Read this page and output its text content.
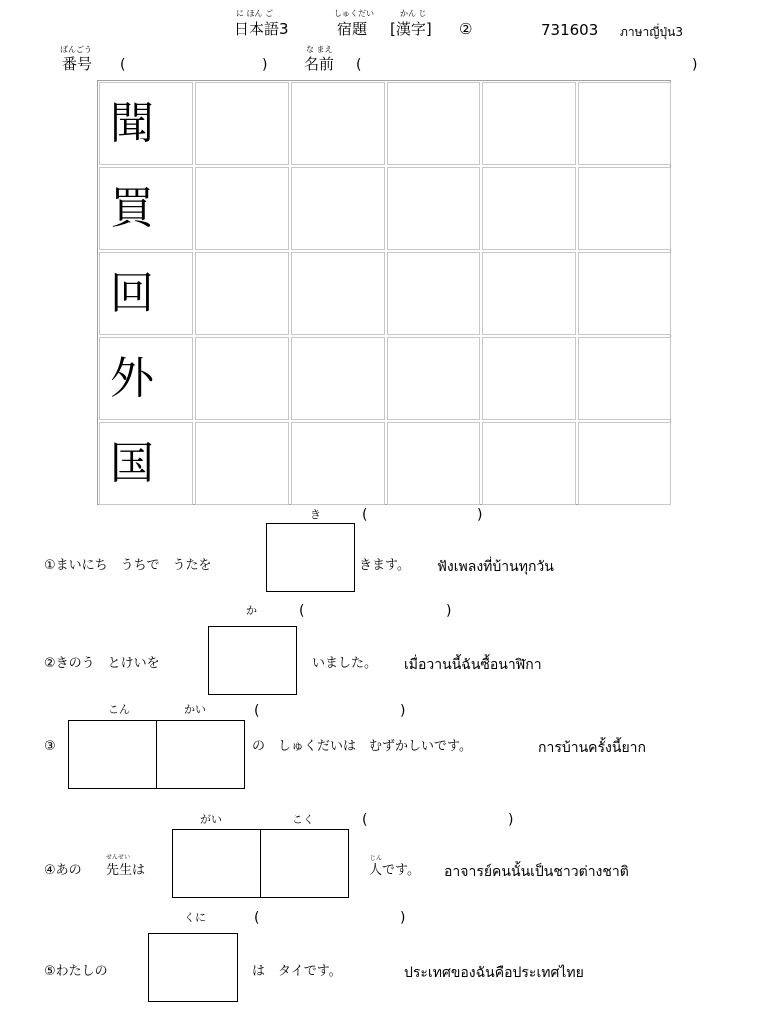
に ほん ご
日本語3
しゅくだい
宿題
かん じ
[漢字] ②	731603 ภาษาญี่ปุ่น3
ばんごう
番号 (	)
な まえ
名前 (	)
聞
買
回
外
国
き	(	)
①まいにち　うちで　うたを	きます。 ฟังเพลงที่บ้านทุกวัน
か	(	)
②きのう　とけいを	いました。 เมื่อวานนี้ฉันซื้อนาฬิกา
こん	かい	(	)
③	の　しゅくだいは　むずかしいです。	การบ้านครั้งนี้ยาก
がい	こく	(	)
④あの
せんせい
先生は
じん
人です。 อาจารย์คนนั้นเป็นชาวต่างชาติ
くに	(	)
⑤わたしの	は　タイです。	ประเทศของฉันคือประเทศไทย
